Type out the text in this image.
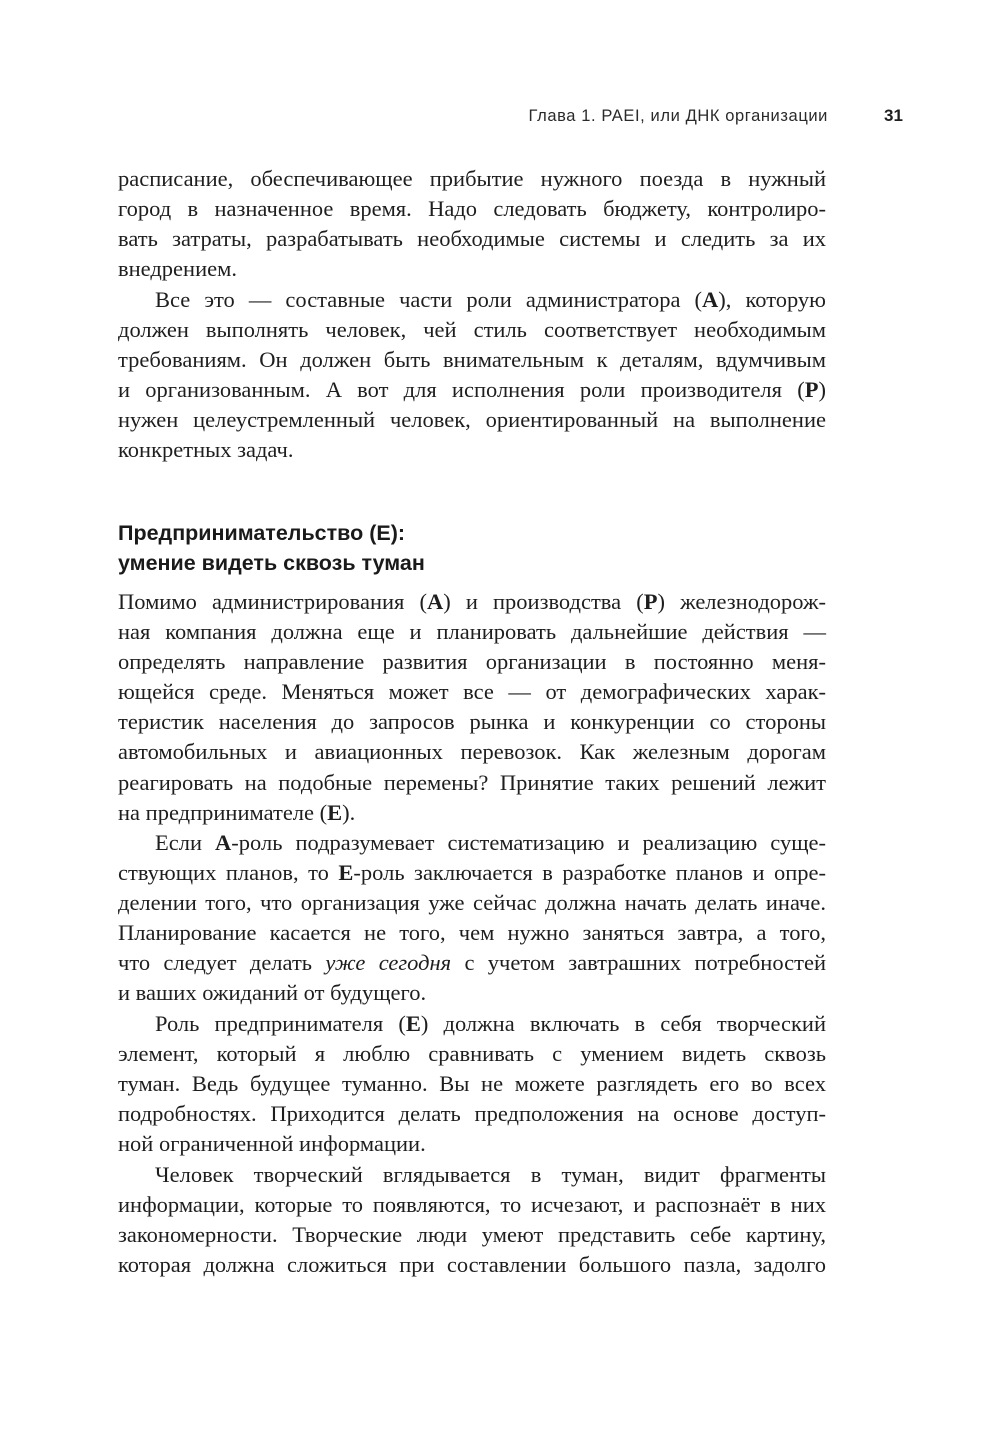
Глава 1. PAEI, или ДНК организации	31
расписание, обеспечивающее прибытие нужного поезда в нужный
город в назначенное время. Надо следовать бюджету, контролиро-
вать затраты, разрабатывать необходимые системы и следить за их
внедрением.
Все это — составные части роли администратора (A), которую
должен выполнять человек, чей стиль соответствует необходимым
требованиям. Он должен быть внимательным к деталям, вдумчивым
и организованным. А вот для исполнения роли производителя (P)
нужен целеустремленный человек, ориентированный на выполнение
конкретных задач.
Предпринимательство (E):
умение видеть сквозь туман
Помимо администрирования (A) и производства (P) железнодорож-
ная компания должна еще и планировать дальнейшие действия —
определять направление развития организации в постоянно меня-
ющейся среде. Меняться может все — от демографических харак-
теристик населения до запросов рынка и конкуренции со стороны
автомобильных и авиационных перевозок. Как железным дорогам
реагировать на подобные перемены? Принятие таких решений лежит
на предпринимателе (E).
Если A-роль подразумевает систематизацию и реализацию суще-
ствующих планов, то E-роль заключается в разработке планов и опре-
делении того, что организация уже сейчас должна начать делать иначе.
Планирование касается не того, чем нужно заняться завтра, а того,
что следует делать уже сегодня с учетом завтрашних потребностей
и ваших ожиданий от будущего.
Роль предпринимателя (E) должна включать в себя творческий
элемент, который я люблю сравнивать с умением видеть сквозь
туман. Ведь будущее туманно. Вы не можете разглядеть его во всех
подробностях. Приходится делать предположения на основе доступ-
ной ограниченной информации.
Человек творческий вглядывается в туман, видит фрагменты
информации, которые то появляются, то исчезают, и распознаёт в них
закономерности. Творческие люди умеют представить себе картину,
которая должна сложиться при составлении большого пазла, задолго
